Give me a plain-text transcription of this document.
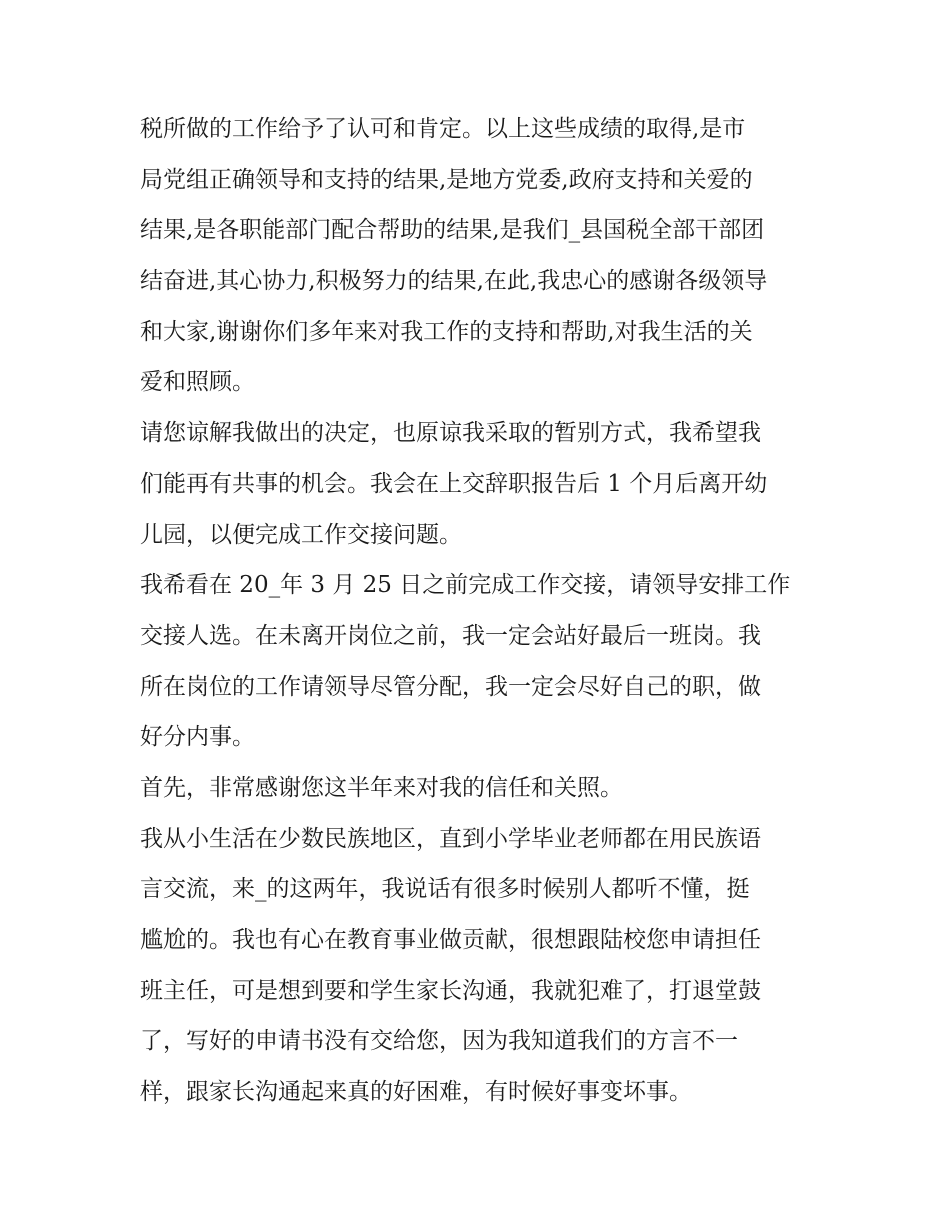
税所做的工作给予了认可和肯定。以上这些成绩的取得,是市
局党组正确领导和支持的结果,是地方党委,政府支持和关爱的
结果,是各职能部门配合帮助的结果,是我们_县国税全部干部团
结奋进,其心协力,积极努力的结果,在此,我忠心的感谢各级领导
和大家,谢谢你们多年来对我工作的支持和帮助,对我生活的关
爱和照顾。
请您谅解我做出的决定，也原谅我采取的暂别方式，我希望我
们能再有共事的机会。我会在上交辞职报告后 1 个月后离开幼
儿园，以便完成工作交接问题。
我希看在 20_年 3 月 25 日之前完成工作交接，请领导安排工作
交接人选。在未离开岗位之前，我一定会站好最后一班岗。我
所在岗位的工作请领导尽管分配，我一定会尽好自己的职，做
好分内事。
首先，非常感谢您这半年来对我的信任和关照。
我从小生活在少数民族地区，直到小学毕业老师都在用民族语
言交流，来_的这两年，我说话有很多时候别人都听不懂，挺
尴尬的。我也有心在教育事业做贡献，很想跟陆校您申请担任
班主任，可是想到要和学生家长沟通，我就犯难了，打退堂鼓
了，写好的申请书没有交给您，因为我知道我们的方言不一
样，跟家长沟通起来真的好困难，有时候好事变坏事。
